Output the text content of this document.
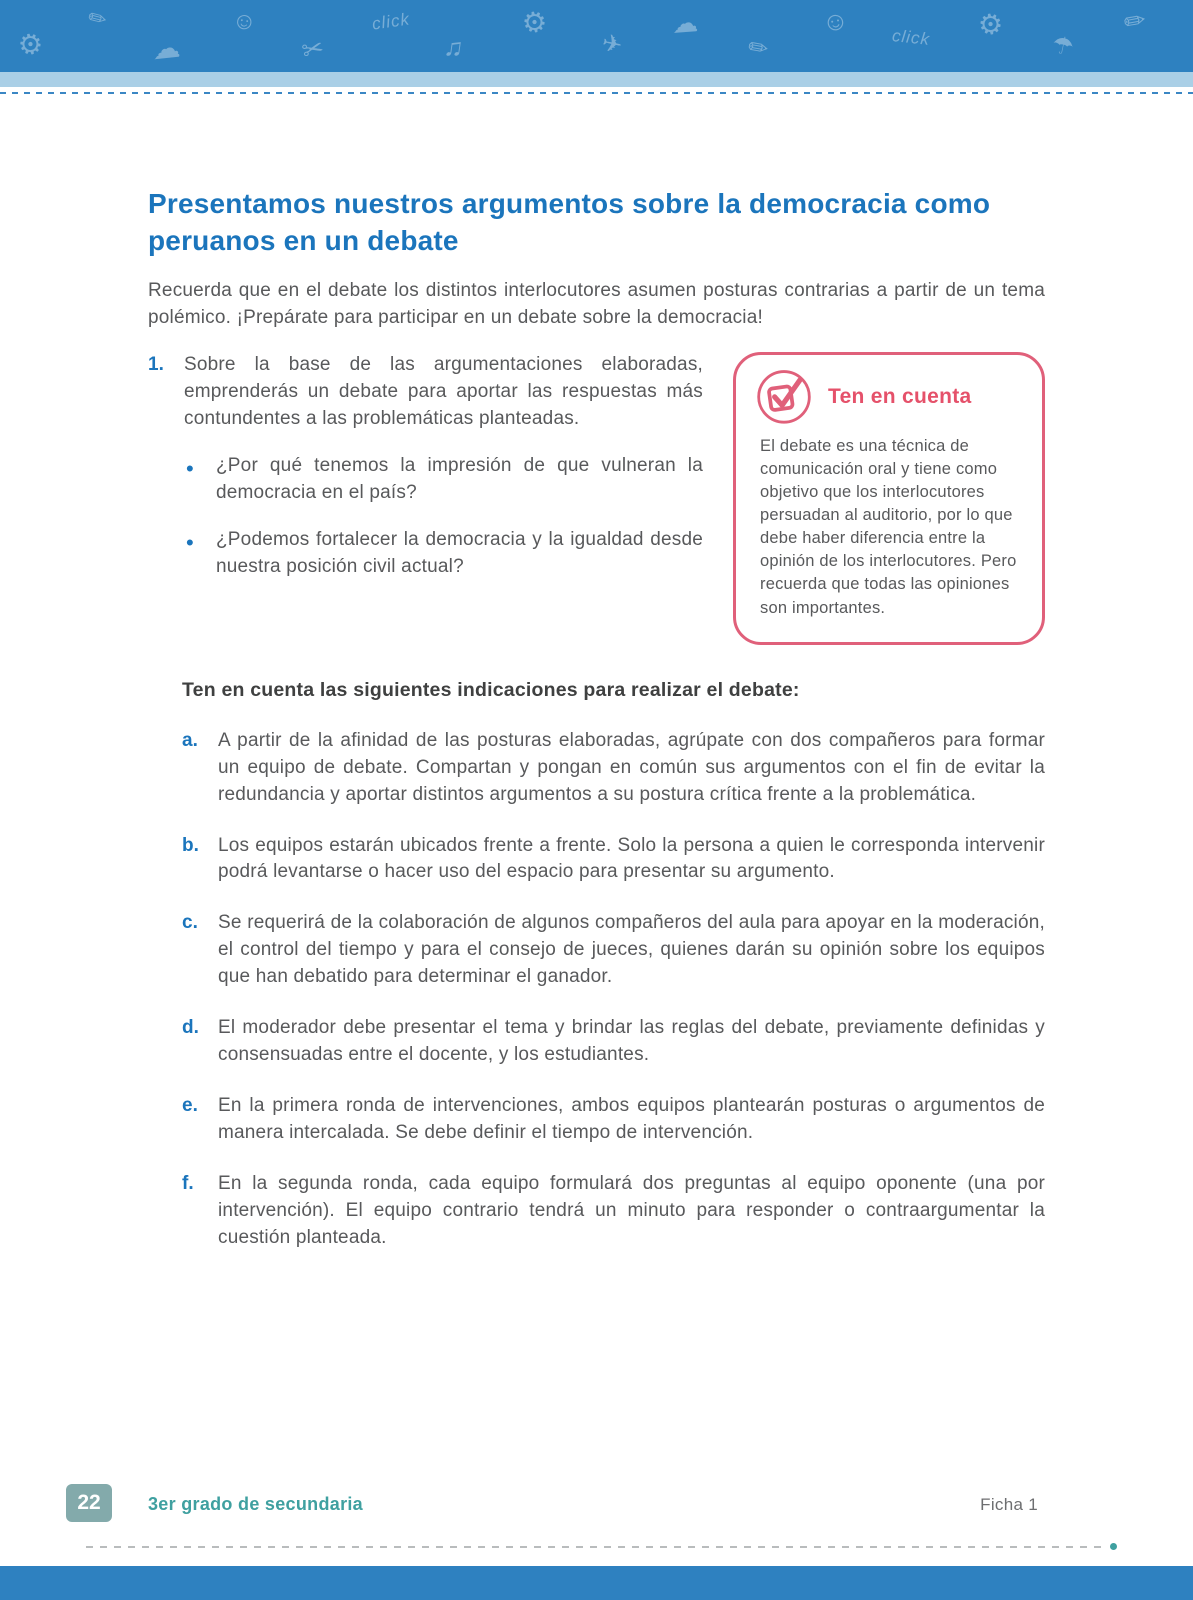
⚙
✏
☁
☺
✂
click
♫
⚙
✈
☁
✏
☺ click ⚙
☂
✏
Presentamos nuestros argumentos sobre la democracia como peruanos en un debate

Recuerda que en el debate los distintos interlocutores asumen posturas contrarias a partir de un tema polémico. ¡Prepárate para participar en un debate sobre la democracia!

1.	Sobre la base de las argumentaciones elaboradas, emprenderás un debate para aportar las respuestas más contundentes a las problemáticas planteadas.

•

¿Por qué tenemos la impresión de que vulneran la democracia en el país?

•

¿Podemos fortalecer la democracia y la igualdad desde nuestra posición civil actual?

Ten en cuenta

El debate es una técnica de comunicación oral y tiene como objetivo que los interlocutores persuadan al auditorio, por lo que debe haber diferencia entre la opinión de los interlocutores. Pero recuerda que todas las opiniones son importantes.

Ten en cuenta las siguientes indicaciones para realizar el debate:
a.	A partir de la afinidad de las posturas elaboradas, agrúpate con dos compañeros para formar un equipo de debate. Compartan y pongan en común sus argumentos con el fin de evitar la redundancia y aportar distintos argumentos a su postura crítica frente a la problemática.

b.	Los equipos estarán ubicados frente a frente. Solo la persona a quien le corresponda intervenir podrá levantarse o hacer uso del espacio para presentar su argumento.

c.	Se requerirá de la colaboración de algunos compañeros del aula para apoyar en la moderación, el control del tiempo y para el consejo de jueces, quienes darán su opinión sobre los equipos que han debatido para determinar el ganador.

d.	El moderador debe presentar el tema y brindar las reglas del debate, previamente definidas y consensuadas entre el docente, y los estudiantes.

e.	En la primera ronda de intervenciones, ambos equipos plantearán posturas o argumentos de manera intercalada. Se debe definir el tiempo de intervención.

f.	En la segunda ronda, cada equipo formulará dos preguntas al equipo oponente (una por intervención). El equipo contrario tendrá un minuto para responder o contraargumentar la cuestión planteada.

22	3er grado de secundaria	Ficha 1
